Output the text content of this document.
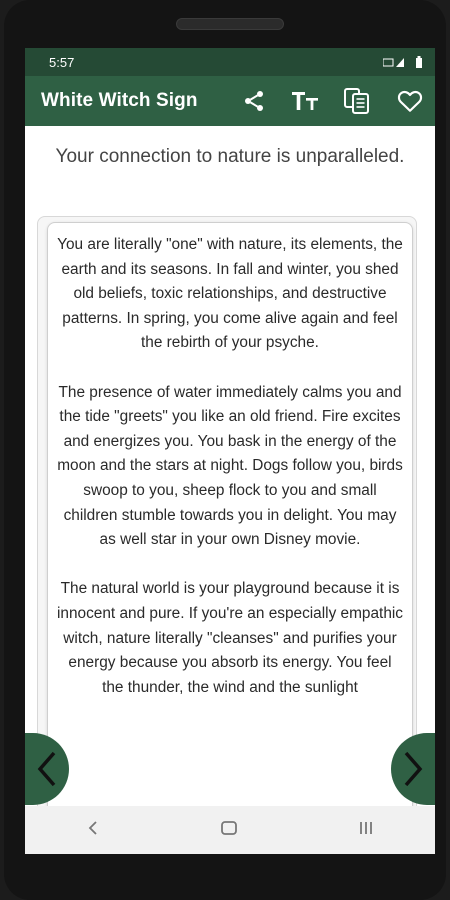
5:57
White Witch Sign
Your connection to nature is unparalleled.

You are literally "one" with nature, its elements, the earth and its seasons. In fall and winter, you shed old beliefs, toxic relationships, and destructive patterns. In spring, you come alive again and feel the rebirth of your psyche.

The presence of water immediately calms you and the tide "greets" you like an old friend. Fire excites and energizes you. You bask in the energy of the moon and the stars at night. Dogs follow you, birds swoop to you, sheep flock to you and small children stumble towards you in delight. You may as well star in your own Disney movie.

The natural world is your playground because it is innocent and pure. If you're an especially empathic witch, nature literally "cleanses" and purifies your energy because you absorb its energy. You feel the thunder, the wind and the sunlight
